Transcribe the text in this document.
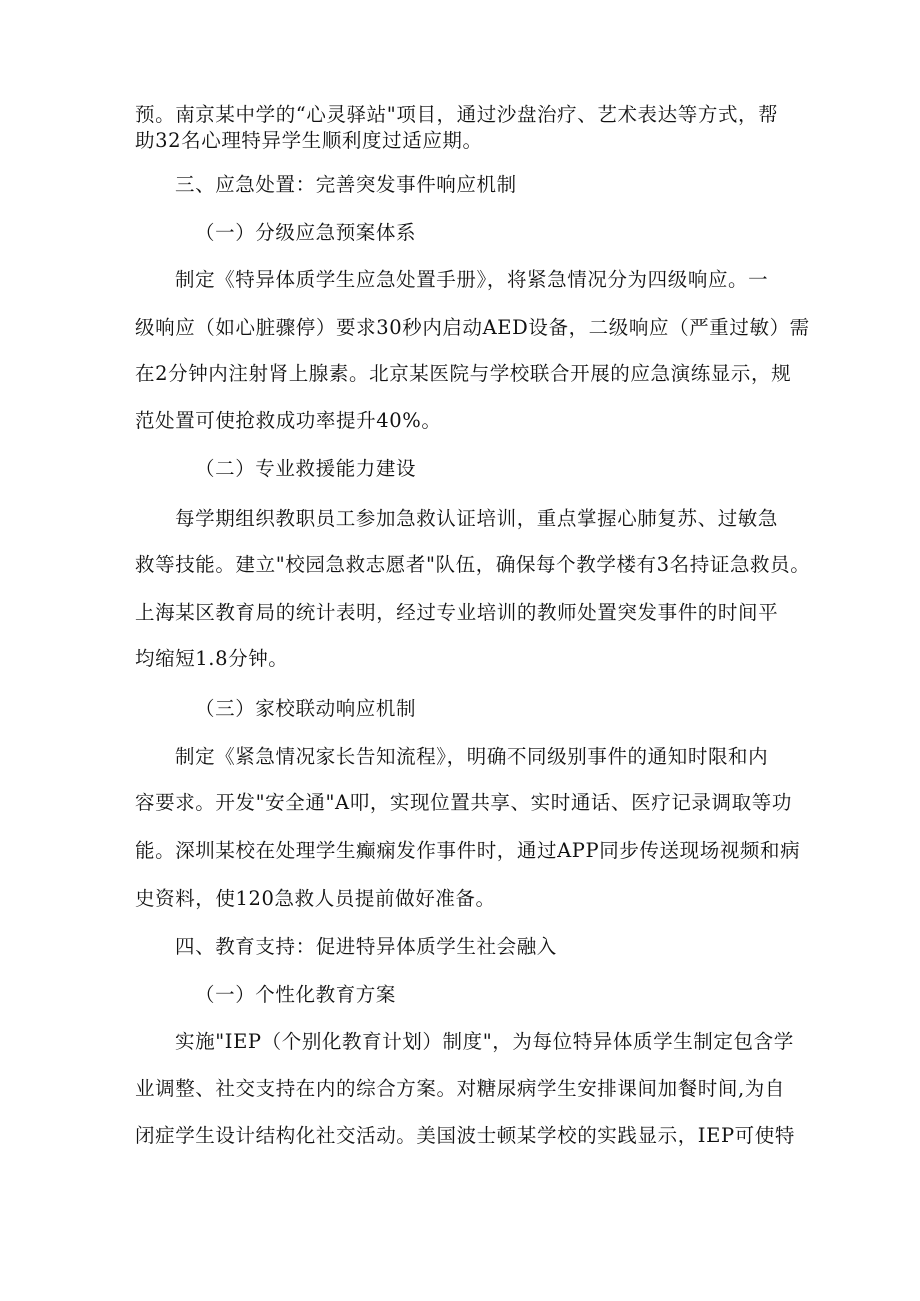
预。南京某中学的“心灵驿站"项目，通过沙盘治疗、艺术表达等方式，帮
助32名心理特异学生顺利度过适应期。
三、应急处置：完善突发事件响应机制
（一）分级应急预案体系
制定《特异体质学生应急处置手册》，将紧急情况分为四级响应。一
级响应（如心脏骤停）要求30秒内启动AED设备，二级响应（严重过敏）需
在2分钟内注射肾上腺素。北京某医院与学校联合开展的应急演练显示，规
范处置可使抢救成功率提升40%。
（二）专业救援能力建设
每学期组织教职员工参加急救认证培训，重点掌握心肺复苏、过敏急
救等技能。建立"校园急救志愿者"队伍，确保每个教学楼有3名持证急救员。
上海某区教育局的统计表明，经过专业培训的教师处置突发事件的时间平
均缩短1.8分钟。
（三）家校联动响应机制
制定《紧急情况家长告知流程》，明确不同级别事件的通知时限和内
容要求。开发"安全通"A叩，实现位置共享、实时通话、医疗记录调取等功
能。深圳某校在处理学生癫痫发作事件时，通过APP同步传送现场视频和病
史资料，使120急救人员提前做好准备。
四、教育支持：促进特异体质学生社会融入
（一）个性化教育方案
实施"IEP（个别化教育计划）制度"，为每位特异体质学生制定包含学
业调整、社交支持在内的综合方案。对糖尿病学生安排课间加餐时间,为自
闭症学生设计结构化社交活动。美国波士顿某学校的实践显示，IEP可使特
